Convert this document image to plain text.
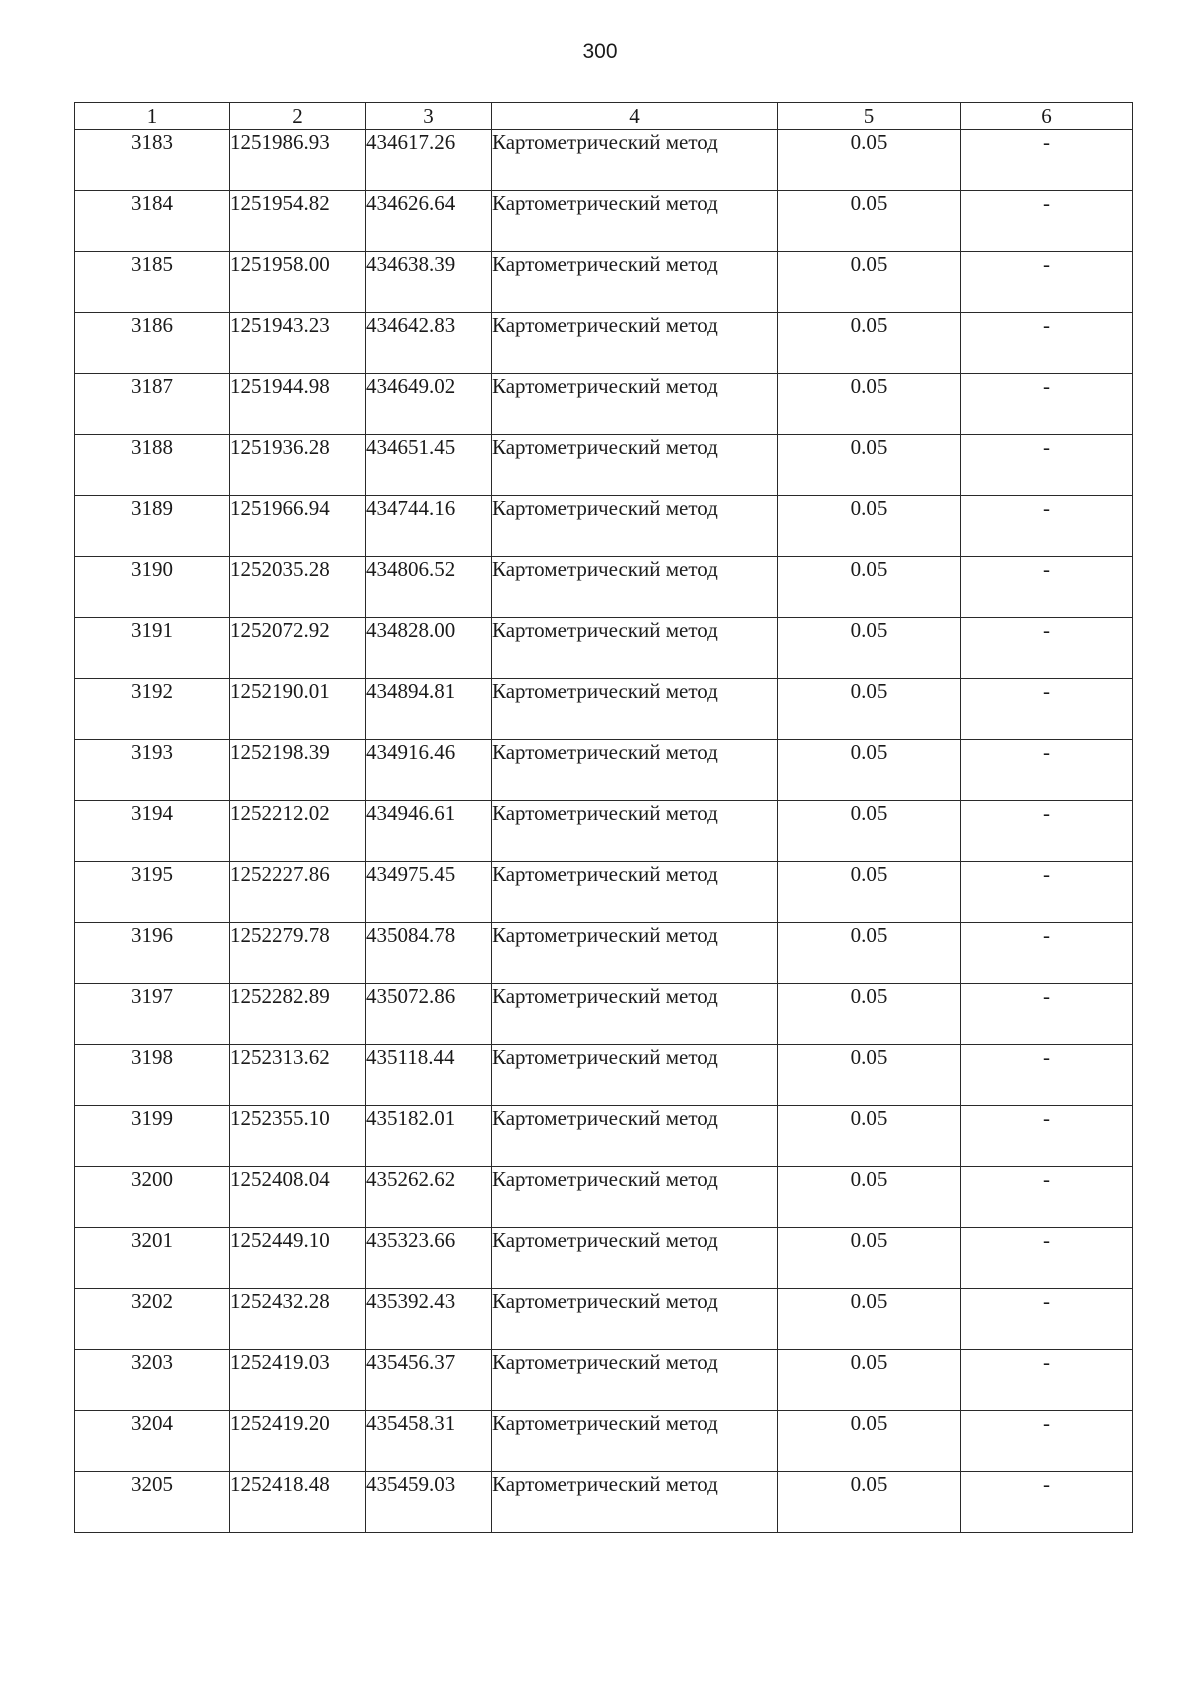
300
1	2	3	4	5	6
3183	1251986.93	434617.26	Картометрический метод	0.05	-
3184	1251954.82	434626.64	Картометрический метод	0.05	-
3185	1251958.00	434638.39	Картометрический метод	0.05	-
3186	1251943.23	434642.83	Картометрический метод	0.05	-
3187	1251944.98	434649.02	Картометрический метод	0.05	-
3188	1251936.28	434651.45	Картометрический метод	0.05	-
3189	1251966.94	434744.16	Картометрический метод	0.05	-
3190	1252035.28	434806.52	Картометрический метод	0.05	-
3191	1252072.92	434828.00	Картометрический метод	0.05	-
3192	1252190.01	434894.81	Картометрический метод	0.05	-
3193	1252198.39	434916.46	Картометрический метод	0.05	-
3194	1252212.02	434946.61	Картометрический метод	0.05	-
3195	1252227.86	434975.45	Картометрический метод	0.05	-
3196	1252279.78	435084.78	Картометрический метод	0.05	-
3197	1252282.89	435072.86	Картометрический метод	0.05	-
3198	1252313.62	435118.44	Картометрический метод	0.05	-
3199	1252355.10	435182.01	Картометрический метод	0.05	-
3200	1252408.04	435262.62	Картометрический метод	0.05	-
3201	1252449.10	435323.66	Картометрический метод	0.05	-
3202	1252432.28	435392.43	Картометрический метод	0.05	-
3203	1252419.03	435456.37	Картометрический метод	0.05	-
3204	1252419.20	435458.31	Картометрический метод	0.05	-
3205	1252418.48	435459.03	Картометрический метод	0.05	-
